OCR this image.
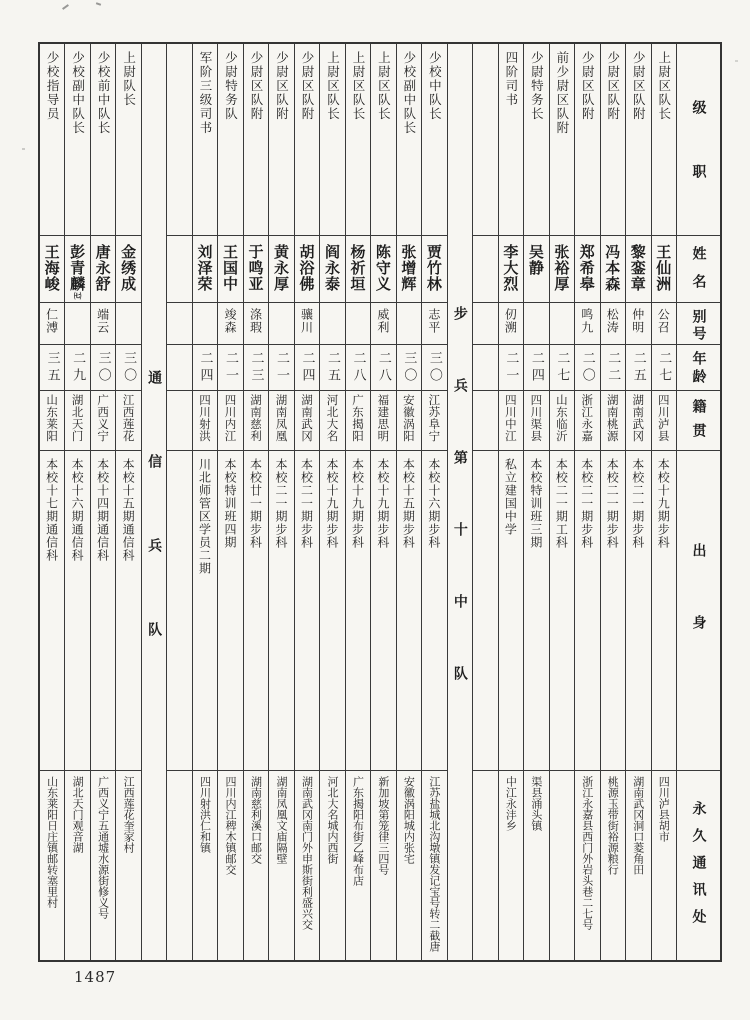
级职
姓名
别号
年龄
籍贯
出身
永久通讯处
上尉区队长
王仙洲
公召
二七
四川泸县
本校十九期步科
四川泸县胡市
少尉区队附
黎銮章
仲明
二五
湖南武冈
本校二一期步科
湖南武冈洞口菱角田
少尉区队附
冯本森
松涛
二二
湖南桃源
本校二一期步科
桃源玉带街裕源粮行
少尉区队附
郑希皋
鸣九
二〇
浙江永嘉
本校二一期步科
浙江永嘉县西门外岩头巷二七号
前少尉区队附
张裕厚
二七
山东临沂
本校二一期工科
少尉特务长
吴静
二四
四川渠县
本校特训班三期
渠县涌头镇
四阶司书
李大烈
仞溯
二一
四川中江
私立建国中学
中江永沣乡
步兵第十中队
少校中队长
贾竹林
志平
三〇
江苏阜宁
本校十六期步科
江苏盐城北沟墩镇发记宝号转二截唐
少校副中队长
张增辉
三〇
安徽涡阳
本校十五期步科
安徽涡阳城内张宅
上尉区队长
陈守义
威利
二八
福建思明
本校十九期步科
新加坡第笼律三四号
上尉区队长
杨祈垣
二八
广东揭阳
本校十九期步科
广东揭阳布街乙峰布店
上尉区队长
阎永泰
二五
河北大名
本校十九期步科
河北大名城内西街
少尉区队附
胡浴佛
骧川
二四
湖南武冈
本校二一期步科
湖南武冈南门外申斯街利盛兴交
少尉区队附
黄永厚
二一
湖南凤凰
本校二一期步科
湖南凤凰文庙隔壁
少尉区队附
于鸣亚
涤瑕
二三
湖南慈利
本校廿一期步科
湖南慈利溪口邮交
少尉特务队
王国中
竣森
二一
四川内江
本校特训班四期
四川内江稗木镇邮交
军阶三级司书
刘泽荣
二四
四川射洪
川北师管区学员二期
四川射洪仁和镇
通信兵队
上尉队长
金绣成
三〇
江西莲花
本校十五期通信科
江西莲花奎家村
少校前中队长
唐永舒
端云
三〇
广西义宁
本校十四期通信科
广西义宁五通墟水源街修义号
少校副中队长
彭青麟㈦
二九
湖北天门
本校十六期通信科
湖北天门观音湖
少校指导员
王海峻
仁溥
三五
山东莱阳
本校十七期通信科
山东莱阳日庄镇邮转塞里村
1487
